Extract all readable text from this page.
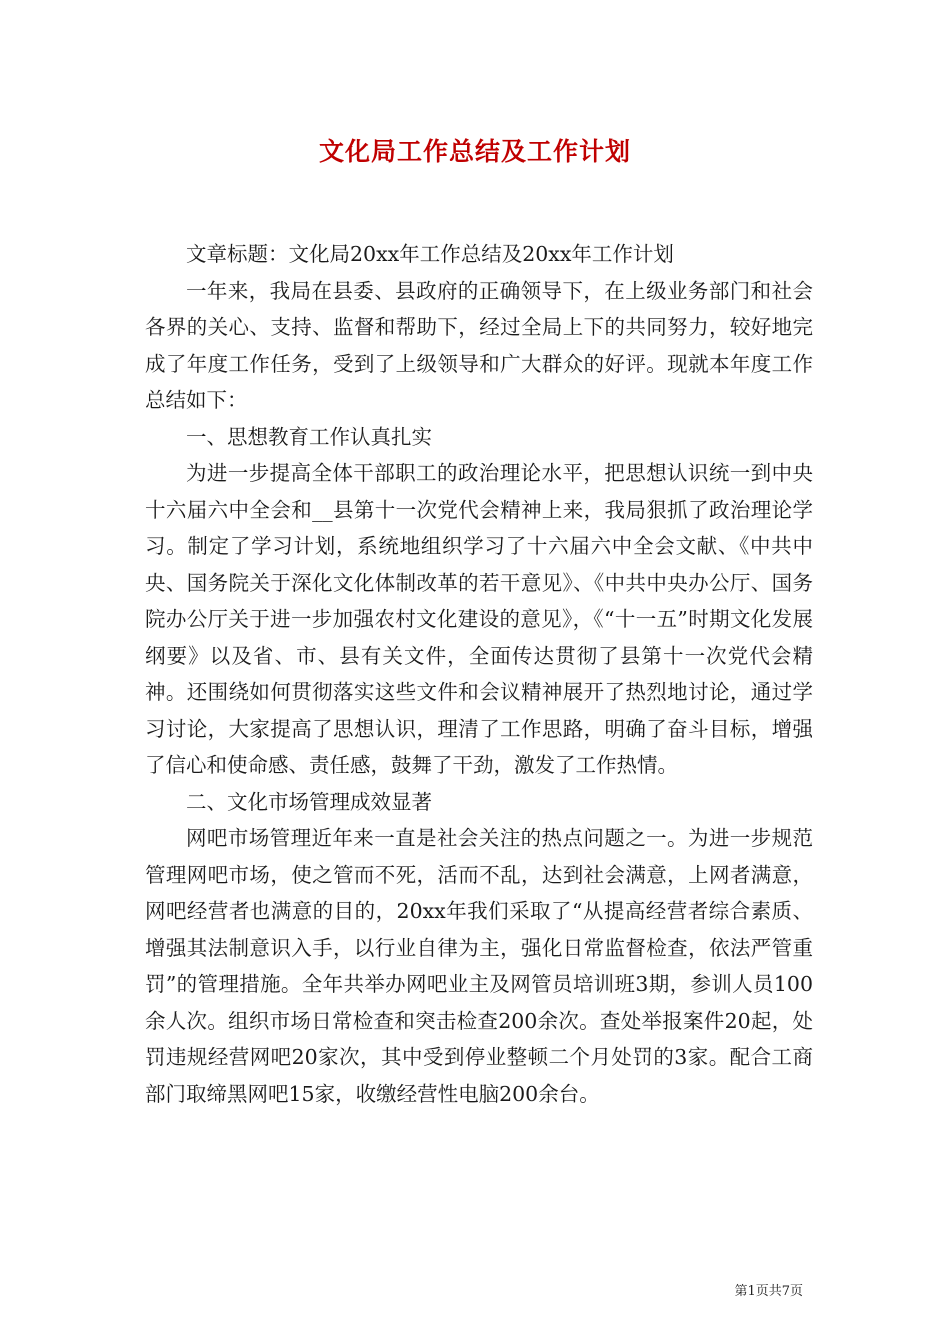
文化局工作总结及工作计划

文章标题：文化局20xx年工作总结及20xx年工作计划

一年来，我局在县委、县政府的正确领导下，在上级业务部门和社会各界的关心、支持、监督和帮助下，经过全局上下的共同努力，较好地完成了年度工作任务，受到了上级领导和广大群众的好评。现就本年度工作总结如下：

一、思想教育工作认真扎实

为进一步提高全体干部职工的政治理论水平，把思想认识统一到中央十六届六中全会和__县第十一次党代会精神上来，我局狠抓了政治理论学习。制定了学习计划，系统地组织学习了十六届六中全会文献、《中共中央、国务院关于深化文化体制改革的若干意见》、《中共中央办公厅、国务院办公厅关于进一步加强农村文化建设的意见》，《“十一五”时期文化发展纲要》以及省、市、县有关文件，全面传达贯彻了县第十一次党代会精神。还围绕如何贯彻落实这些文件和会议精神展开了热烈地讨论，通过学习讨论，大家提高了思想认识，理清了工作思路，明确了奋斗目标，增强了信心和使命感、责任感，鼓舞了干劲，激发了工作热情。

二、文化市场管理成效显著

网吧市场管理近年来一直是社会关注的热点问题之一。为进一步规范管理网吧市场，使之管而不死，活而不乱，达到社会满意，上网者满意，网吧经营者也满意的目的，20xx年我们采取了“从提高经营者综合素质、增强其法制意识入手，以行业自律为主，强化日常监督检查，依法严管重罚”的管理措施。全年共举办网吧业主及网管员培训班3期，参训人员100余人次。组织市场日常检查和突击检查200余次。查处举报案件20起，处罚违规经营网吧20家次，其中受到停业整顿二个月处罚的3家。配合工商部门取缔黑网吧15家，收缴经营性电脑200余台。

第1页共7页
